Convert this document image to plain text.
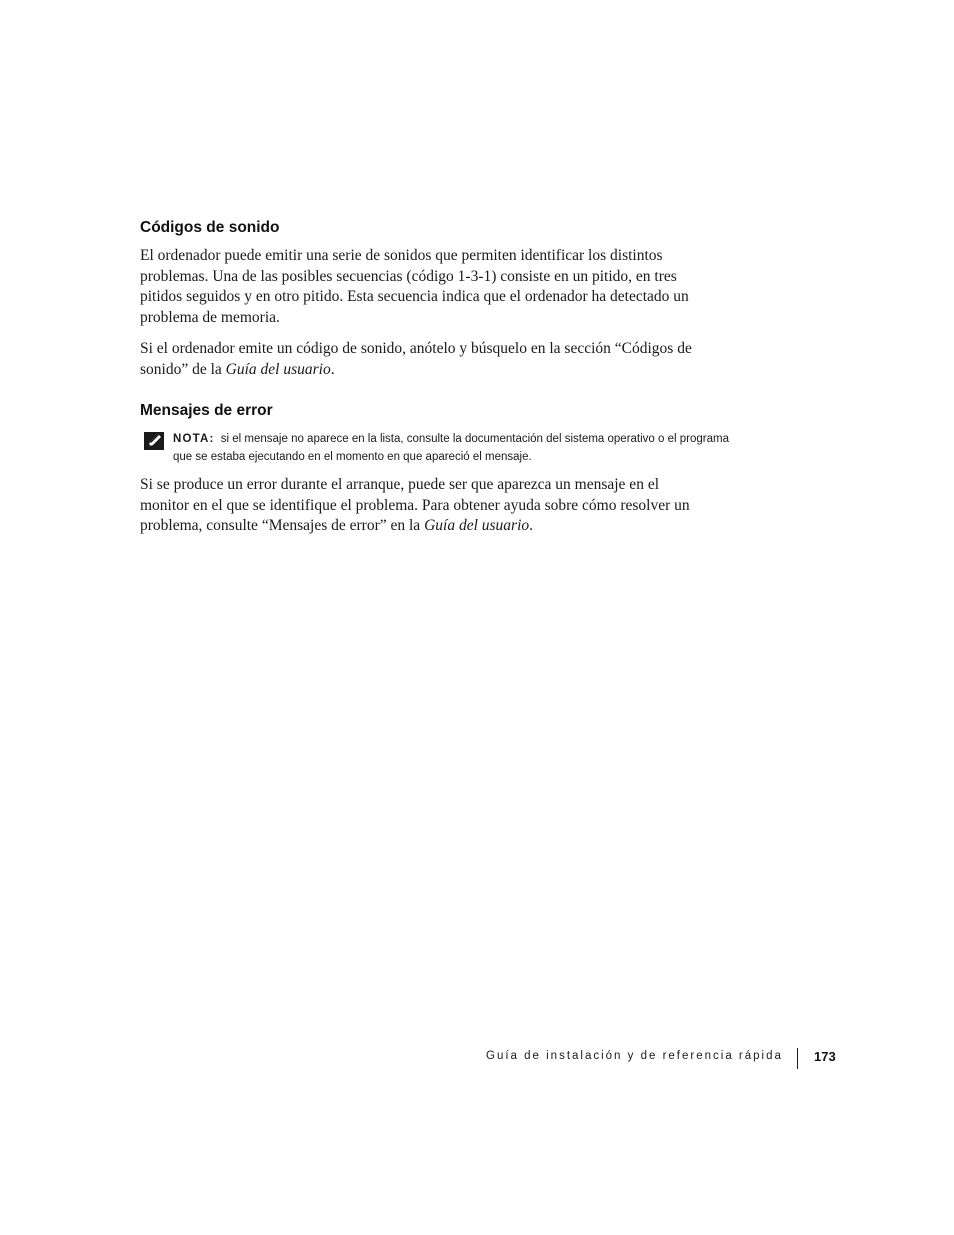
Códigos de sonido

El ordenador puede emitir una serie de sonidos que permiten identificar los distintos problemas. Una de las posibles secuencias (código 1-3-1) consiste en un pitido, en tres pitidos seguidos y en otro pitido. Esta secuencia indica que el ordenador ha detectado un problema de memoria.

Si el ordenador emite un código de sonido, anótelo y búsquelo en la sección “Códigos de sonido” de la Guía del usuario.

Mensajes de error
NOTA: si el mensaje no aparece en la lista, consulte la documentación del sistema operativo o el programa que se estaba ejecutando en el momento en que apareció el mensaje.

Si se produce un error durante el arranque, puede ser que aparezca un mensaje en el monitor en el que se identifique el problema. Para obtener ayuda sobre cómo resolver un problema, consulte “Mensajes de error” en la Guía del usuario.

Guía de instalación y de referencia rápida 173
